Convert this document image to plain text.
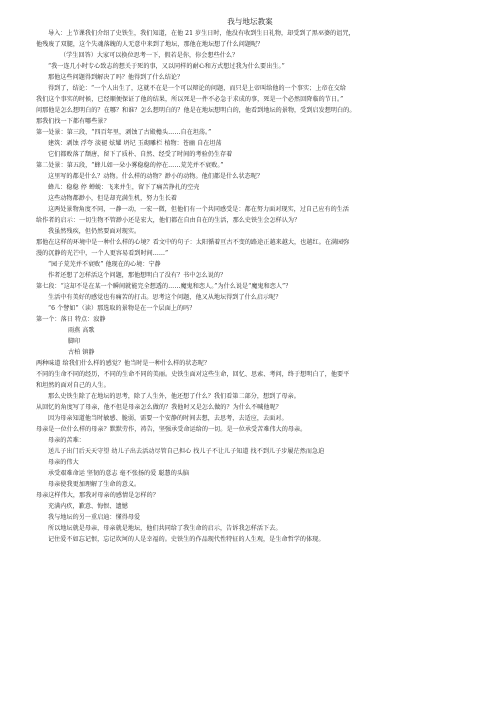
我与地坛教案
导入：上节课我们介绍了史铁生，我们知道，在他 21 岁生日时，他没有收到生日礼物，却受到了黑巫婆的诅咒，
他残废了双腿，这个失魂落魄的人无意中来到了地坛，那他在地坛想了什么问题呢？
（学生回答）大家可以换位思考一下，假若是你，你会想些什么？
“我一连几小时专心致志的想关于死的事，又以同样的耐心和方式想过我为什么要出生。”
那他这些问题得到解决了吗？他得到了什么结论？
得到了，结论：“一个人出生了，这就不在是一个可以辩论的问题，而只是上帝叫给他的一个事实；上帝在交给
我们这个事实的时候，已经顺便保证了他的结果，所以死是一件不必急于求成的事，死是一个必然回降临的节日。”
问那他是怎么想明白的？在哪？和谁？怎么想明白的？他是在地坛想明白的，他看到地坛的景物，受到启发想明白的。
那我们找一下都有哪些景？
第一处景：第三段，“四百年里，剥蚀了古殿檐头……自在坦荡。”
建筑：剥蚀 浮夸 淡褪 炫耀 坍圮 玉砌雕栏 植物：苍幽 自在坦荡
它们都败落了颓唐，留下了质朴、自然、经受了时间的考验仍生存着
第二处景：第五段，“蜂儿如一朵小雾稳稳的停在……荒芜并不衰败。”
这里写的都是什么？动物。什么样的动物？渺小的动物。他们都是什么状态呢？
蜂儿：稳稳 停 蝉蜕：飞来并生，留下了痛苦挣扎的空壳
这些动物都渺小，但是却充满生机，努力生长着
这两处景物角度不同，一静一动，一宏一微，但他们有一个共同感受是：都在努力面对现实，过自己应有的生活
给作者的启示：一切生物不管渺小还是宏大，他们都在自由自在的生活，那么史铁生会怎样认为？
我虽然残疾，但仍然要面对现实。
那他在这样的环境中是一种什么样的心境？看文中的句子：太阳循着亘古不变的路途正越来越大，也越红。在满园弥
漫的沉静的光芒中，一个人更容易看到时间……”
“园子荒芜并不衰败” 他现在的心境：宁静
作者还想了怎样活这个问题，那他想明白了没有？书中怎么说的？
第七段：“这却不是在某一个瞬间就能完全想透的……魔鬼和恋人。”为什么说是“魔鬼和恋人”？
生活中有美好的感觉也有痛苦的打击。思考这个问题，他又从地坛得到了什么启示呢？
“6 个譬如”（读）那选取的景物是在一个层面上的吗？
第一个：落日 特点：寂静
雨燕 高歌
脚印
古柏 镇静
两种味道 给我们什么样的感觉？他当时是一种什么样的状态呢？
不同的生命不同的经历，不同的生命不同的美丽。史铁生面对这些生命，回忆、思索、考问，终于想明白了，他要平
和坦然的面对自己的人生。
那么史铁生除了在地坛的思考，除了人生外，他还想了什么？我们看第二部分，想到了母亲。
从回忆的角度写了母亲，他不但是母亲怎么做的？我他时又是怎么做的？为什么不喊他呢？
因为母亲知道他当时敏感、脆弱，需要一个安静的时间去想，去思考，去适应，去面对。
母亲是一位什么样的母亲？默默劳作，祷告，坚强承受命运给的一切。是一位承受苦难伟大的母亲。
母亲的苦难：
送儿子出门后天天守望 幼儿子出去活动尽管自己担心 找儿子不让儿子知道 找不到儿子步履茫然而急迫
母亲的伟大
承受艰难命运 坚韧的意志 毫不张扬的爱 聪慧的头脑
母亲使我更加理解了生命的意义。
母亲这样伟大，那我对母亲的感情是怎样的？
充满内疚，歉意、悔恨、遗憾
我与地坛的另一重启迪：懂得母爱
所以地坛就是母亲，母亲就是地坛，他们共同给了我生命的启示，告诉我怎样活下去。
记住爱不如忘记恨，忘记坎坷的人是幸福的。史铁生的作品现代性特征的人生观，是生命哲学的体现。
